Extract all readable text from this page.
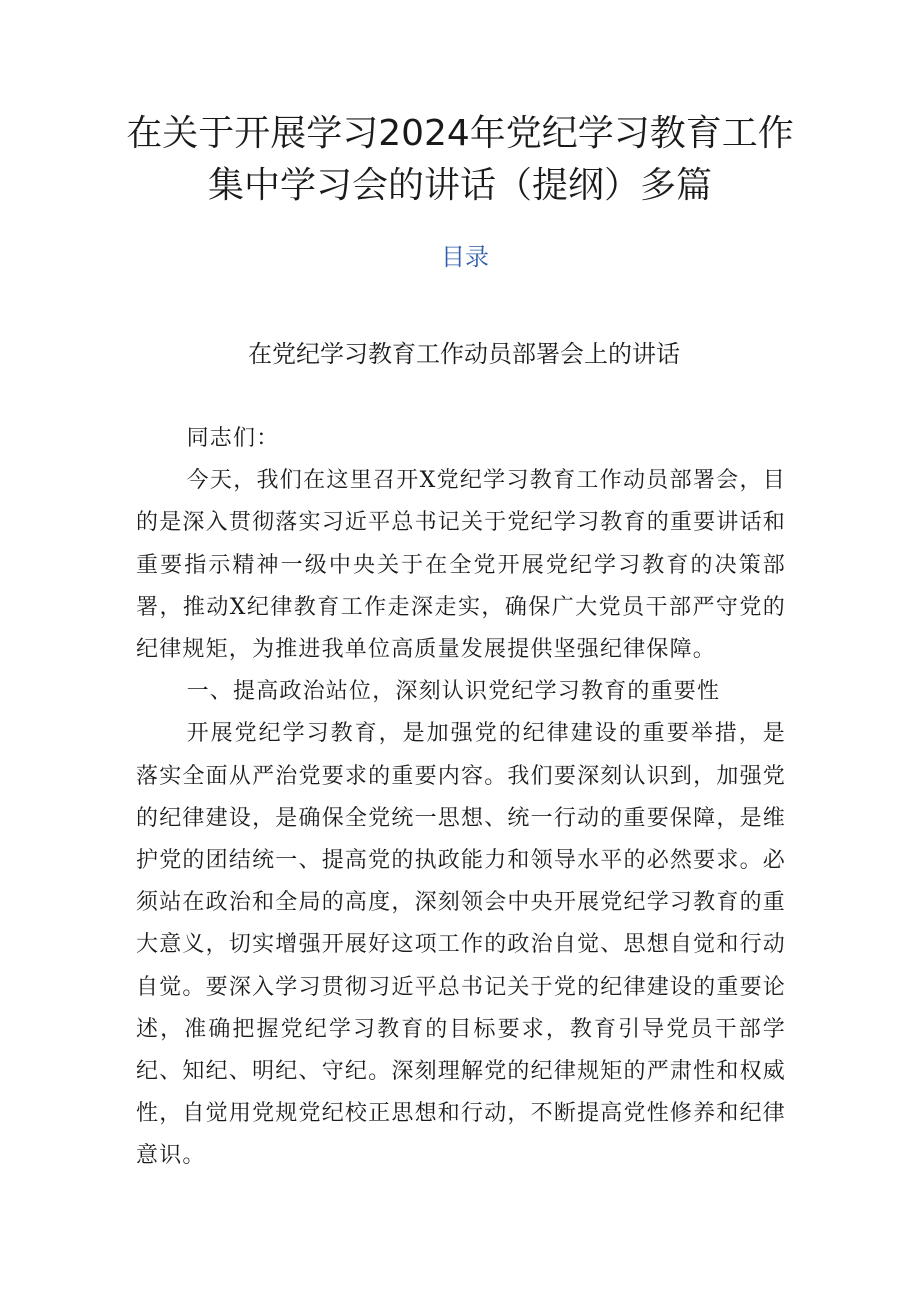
在关于开展学习2024年党纪学习教育工作
集中学习会的讲话（提纲）多篇
目录
在党纪学习教育工作动员部署会上的讲话

同志们：

今天，我们在这里召开X党纪学习教育工作动员部署会，目的是深入贯彻落实习近平总书记关于党纪学习教育的重要讲话和重要指示精神一级中央关于在全党开展党纪学习教育的决策部署，推动X纪律教育工作走深走实，确保广大党员干部严守党的纪律规矩，为推进我单位高质量发展提供坚强纪律保障。

一、提高政治站位，深刻认识党纪学习教育的重要性

开展党纪学习教育，是加强党的纪律建设的重要举措，是落实全面从严治党要求的重要内容。我们要深刻认识到，加强党的纪律建设，是确保全党统一思想、统一行动的重要保障，是维护党的团结统一、提高党的执政能力和领导水平的必然要求。必须站在政治和全局的高度，深刻领会中央开展党纪学习教育的重大意义，切实增强开展好这项工作的政治自觉、思想自觉和行动自觉。要深入学习贯彻习近平总书记关于党的纪律建设的重要论述，准确把握党纪学习教育的目标要求，教育引导党员干部学纪、知纪、明纪、守纪。深刻理解党的纪律规矩的严肃性和权威性，自觉用党规党纪校正思想和行动，不断提高党性修养和纪律意识。
